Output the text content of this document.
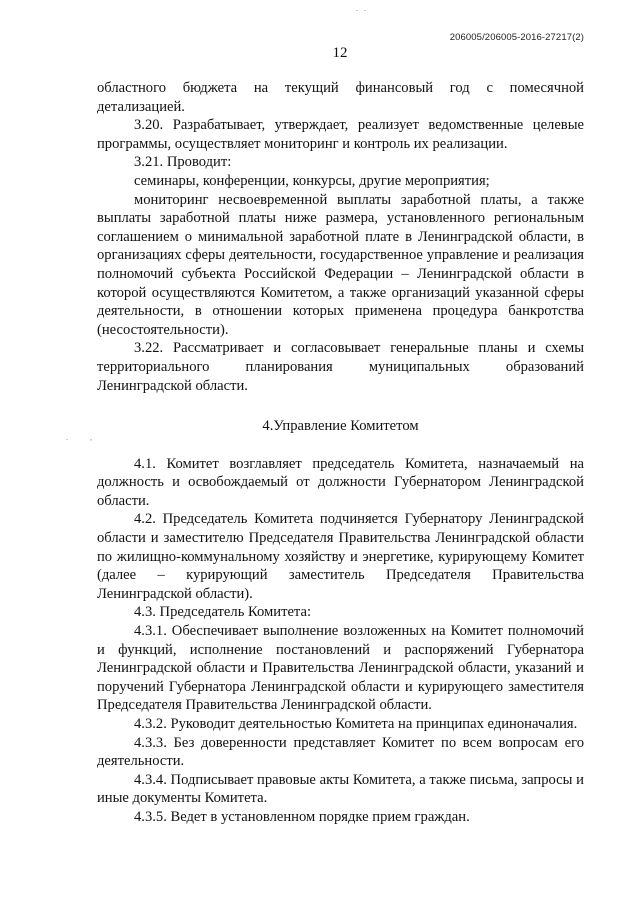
. .
206005/206005-2016-27217(2)
12
. ,

областного бюджета на текущий финансовый год с помесячной детализацией.

3.20. Разрабатывает, утверждает, реализует ведомственные целевые программы, осуществляет мониторинг и контроль их реализации.

3.21. Проводит:

семинары, конференции, конкурсы, другие мероприятия;

мониторинг несвоевременной выплаты заработной платы, а также выплаты заработной платы ниже размера, установленного региональным соглашением о минимальной заработной плате в Ленинградской области, в организациях сферы деятельности, государственное управление и реализация полномочий субъекта Российской Федерации – Ленинградской области в которой осуществляются Комитетом, а также организаций указанной сферы деятельности, в отношении которых применена процедура банкротства (несостоятельности).

3.22. Рассматривает и согласовывает генеральные планы и схемы территориального планирования муниципальных образований Ленинградской области.

4.Управление Комитетом

4.1. Комитет возглавляет председатель Комитета, назначаемый на должность и освобождаемый от должности Губернатором Ленинградской области.

4.2. Председатель Комитета подчиняется Губернатору Ленинградской области и заместителю Председателя Правительства Ленинградской области по жилищно-коммунальному хозяйству и энергетике, курирующему Комитет (далее – курирующий заместитель Председателя Правительства Ленинградской области).

4.3. Председатель Комитета:

4.3.1. Обеспечивает выполнение возложенных на Комитет полномочий и функций, исполнение постановлений и распоряжений Губернатора Ленинградской области и Правительства Ленинградской области, указаний и поручений Губернатора Ленинградской области и курирующего заместителя Председателя Правительства Ленинградской области.

4.3.2. Руководит деятельностью Комитета на принципах единоначалия.

4.3.3. Без доверенности представляет Комитет по всем вопросам его деятельности.

4.3.4. Подписывает правовые акты Комитета, а также письма, запросы и иные документы Комитета.

4.3.5. Ведет в установленном порядке прием граждан.
